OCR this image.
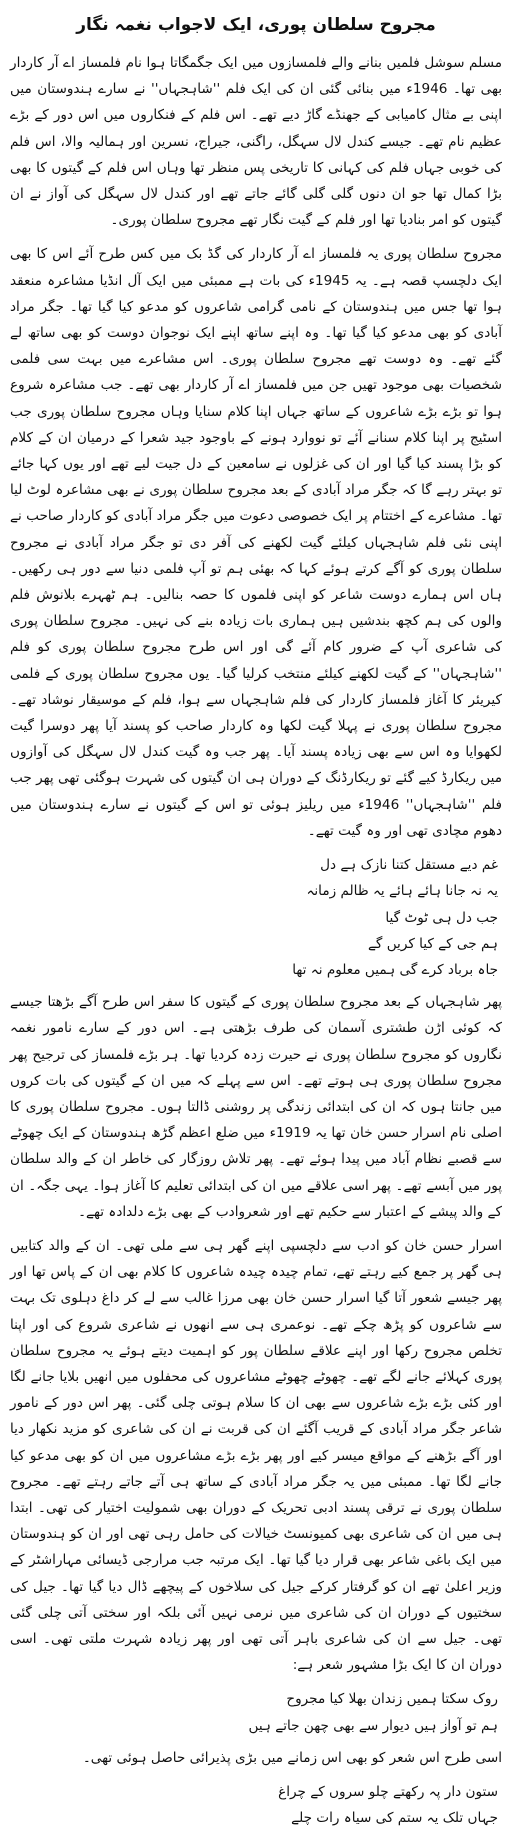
مجروح سلطان پوری، ایک لاجواب نغمہ نگار

مسلم سوشل فلمیں بنانے والے فلمسازوں میں ایک جگمگاتا ہوا نام فلمساز اے آر کاردار بھی تھا۔ 1946ء میں بنائی گئی ان کی ایک فلم ''شاہجہاں'' نے سارے ہندوستان میں اپنی بے مثال کامیابی کے جھنڈے گاڑ دیے تھے۔ اس فلم کے فنکاروں میں اس دور کے بڑے عظیم نام تھے۔ جیسے کندل لال سہگل، راگنی، جیراج، نسرین اور ہمالیہ والا، اس فلم کی خوبی جہاں فلم کی کہانی کا تاریخی پس منظر تھا وہاں اس فلم کے گیتوں کا بھی بڑا کمال تھا جو ان دنوں گلی گلی گائے جاتے تھے اور کندل لال سہگل کی آواز نے ان گیتوں کو امر بنادیا تھا اور فلم کے گیت نگار تھے مجروح سلطان پوری۔

مجروح سلطان پوری یہ فلمساز اے آر کاردار کی گڈ بک میں کس طرح آئے اس کا بھی ایک دلچسپ قصہ ہے۔ یہ 1945ء کی بات ہے ممبئی میں ایک آل انڈیا مشاعرہ منعقد ہوا تھا جس میں ہندوستان کے نامی گرامی شاعروں کو مدعو کیا گیا تھا۔ جگر مراد آبادی کو بھی مدعو کیا گیا تھا۔ وہ اپنے ساتھ اپنے ایک نوجوان دوست کو بھی ساتھ لے گئے تھے۔ وہ دوست تھے مجروح سلطان پوری۔ اس مشاعرے میں بہت سی فلمی شخصیات بھی موجود تھیں جن میں فلمساز اے آر کاردار بھی تھے۔ جب مشاعرہ شروع ہوا تو بڑے بڑے شاعروں کے ساتھ جہاں اپنا کلام سنایا وہاں مجروح سلطان پوری جب اسٹیج پر اپنا کلام سنانے آئے تو نووارد ہونے کے باوجود جید شعرا کے درمیان ان کے کلام کو بڑا پسند کیا گیا اور ان کی غزلوں نے سامعین کے دل جیت لیے تھے اور یوں کہا جائے تو بہتر رہے گا کہ جگر مراد آبادی کے بعد مجروح سلطان پوری نے بھی مشاعرہ لوٹ لیا تھا۔ مشاعرے کے اختتام پر ایک خصوصی دعوت میں جگر مراد آبادی کو کاردار صاحب نے اپنی نئی فلم شاہجہاں کیلئے گیت لکھنے کی آفر دی تو جگر مراد آبادی نے مجروح سلطان پوری کو آگے کرتے ہوئے کہا کہ بھئی ہم تو آپ فلمی دنیا سے دور ہی رکھیں۔ ہاں اس ہمارے دوست شاعر کو اپنی فلموں کا حصہ بنالیں۔ ہم ٹھہرے بلانوش فلم والوں کی ہم کچھ بندشیں ہیں ہماری بات زیادہ بنے کی نہیں۔ مجروح سلطان پوری کی شاعری آپ کے ضرور کام آئے گی اور اس طرح مجروح سلطان پوری کو فلم ''شاہجہاں'' کے گیت لکھنے کیلئے منتخب کرلیا گیا۔ یوں مجروح سلطان پوری کے فلمی کیریئر کا آغاز فلمساز کاردار کی فلم شاہجہاں سے ہوا، فلم کے موسیقار نوشاد تھے۔ مجروح سلطان پوری نے پہلا گیت لکھا وہ کاردار صاحب کو پسند آیا پھر دوسرا گیت لکھوایا وہ اس سے بھی زیادہ پسند آیا۔ پھر جب وہ گیت کندل لال سہگل کی آوازوں میں ریکارڈ کیے گئے تو ریکارڈنگ کے دوران ہی ان گیتوں کی شہرت ہوگئی تھی پھر جب فلم ''شاہجہاں'' 1946ء میں ریلیز ہوئی تو اس کے گیتوں نے سارے ہندوستان میں دھوم مچادی تھی اور وہ گیت تھے۔

غم دیے مستقل کتنا نازک ہے دل

یہ نہ جانا ہائے ہائے یہ ظالم زمانہ

جب دل ہی ٹوٹ گیا

ہم جی کے کیا کریں گے

جاہ برباد کرے گی ہمیں معلوم نہ تھا

پھر شاہجہاں کے بعد مجروح سلطان پوری کے گیتوں کا سفر اس طرح آگے بڑھتا جیسے کہ کوئی اڑن طشتری آسمان کی طرف بڑھتی ہے۔ اس دور کے سارے نامور نغمہ نگاروں کو مجروح سلطان پوری نے حیرت زدہ کردیا تھا۔ ہر بڑے فلمساز کی ترجیح پھر مجروح سلطان پوری ہی ہوتے تھے۔ اس سے پہلے کہ میں ان کے گیتوں کی بات کروں میں جانتا ہوں کہ ان کی ابتدائی زندگی پر روشنی ڈالتا ہوں۔ مجروح سلطان پوری کا اصلی نام اسرار حسن خان تھا یہ 1919ء میں ضلع اعظم گڑھ ہندوستان کے ایک چھوٹے سے قصبے نظام آباد میں پیدا ہوئے تھے۔ پھر تلاش روزگار کی خاطر ان کے والد سلطان پور میں آبسے تھے۔ پھر اسی علاقے میں ان کی ابتدائی تعلیم کا آغاز ہوا۔ یہی جگہ۔ ان کے والد پیشے کے اعتبار سے حکیم تھے اور شعروادب کے بھی بڑے دلدادہ تھے۔

اسرار حسن خان کو ادب سے دلچسپی اپنے گھر ہی سے ملی تھی۔ ان کے والد کتابیں ہی گھر پر جمع کیے رہتے تھے، تمام چیدہ چیدہ شاعروں کا کلام بھی ان کے پاس تھا اور پھر جیسے شعور آتا گیا اسرار حسن خان بھی مرزا غالب سے لے کر داغ دہلوی تک بہت سے شاعروں کو پڑھ چکے تھے۔ نوعمری ہی سے انھوں نے شاعری شروع کی اور اپنا تخلص مجروح رکھا اور اپنے علاقے سلطان پور کو اہمیت دیتے ہوئے یہ مجروح سلطان پوری کہلائے جانے لگے تھے۔ چھوٹے چھوٹے مشاعروں کی محفلوں میں انھیں بلایا جانے لگا اور کئی بڑے بڑے شاعروں سے بھی ان کا سلام ہوتی چلی گئی۔ پھر اس دور کے نامور شاعر جگر مراد آبادی کے قریب آگئے ان کی قربت نے ان کی شاعری کو مزید نکھار دیا اور آگے بڑھنے کے مواقع میسر کیے اور پھر بڑے بڑے مشاعروں میں ان کو بھی مدعو کیا جانے لگا تھا۔ ممبئی میں یہ جگر مراد آبادی کے ساتھ ہی آتے جاتے رہتے تھے۔ مجروح سلطان پوری نے ترقی پسند ادبی تحریک کے دوران بھی شمولیت اختیار کی تھی۔ ابتدا ہی میں ان کی شاعری بھی کمیونسٹ خیالات کی حامل رہی تھی اور ان کو ہندوستان میں ایک باغی شاعر بھی قرار دیا گیا تھا۔ ایک مرتبہ جب مرارجی ڈیسائی مہاراشٹر کے وزیر اعلیٰ تھے ان کو گرفتار کرکے جیل کی سلاخوں کے پیچھے ڈال دیا گیا تھا۔ جیل کی سختیوں کے دوران ان کی شاعری میں نرمی نہیں آئی بلکہ اور سختی آتی چلی گئی تھی۔ جیل سے ان کی شاعری باہر آتی تھی اور پھر زیادہ شہرت ملتی تھی۔ اسی دوران ان کا ایک بڑا مشہور شعر ہے:

روک سکتا ہمیں زندان بھلا کیا مجروح

ہم تو آواز ہیں دیوار سے بھی چھن جاتے ہیں

اسی طرح اس شعر کو بھی اس زمانے میں بڑی پذیرائی حاصل ہوئی تھی۔

ستون دار پہ رکھتے چلو سروں کے چراغ

جہاں تلک یہ ستم کی سیاہ رات چلے
